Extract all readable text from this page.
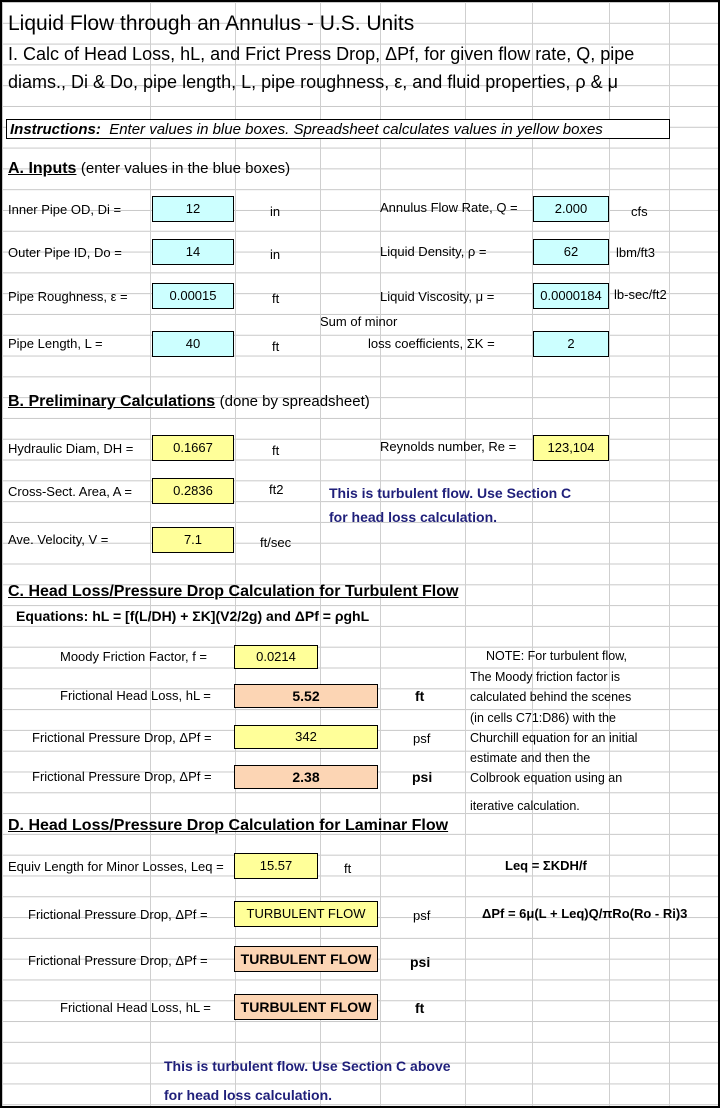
Liquid Flow through an Annulus - U.S. Units
I. Calc of Head Loss, hL, and Frict Press Drop, ΔPf, for given flow rate, Q, pipe
diams., Di & Do, pipe length, L, pipe roughness, ε, and fluid properties, ρ & μ
Instructions: Enter values in blue boxes. Spreadsheet calculates values in yellow boxes
A. Inputs (enter values in the blue boxes)
Inner Pipe OD, Di =	12	in
Outer Pipe ID, Do =	14	in
Pipe Roughness, ε =	0.00015	ft
Pipe Length, L =	40	ft
Annulus Flow Rate, Q =	2.000	cfs
Liquid Density, ρ =	62	lbm/ft3
Liquid Viscosity, μ =	0.0000184 lb-sec/ft2
Sum of minor
loss coefficients, ΣK =	2
B. Preliminary Calculations (done by spreadsheet)
Hydraulic Diam, DH =	0.1667	ft	Reynolds number, Re =	123,104
Cross-Sect. Area, A =	0.2836	ft2	This is turbulent flow. Use Section C
for head loss calculation.
Ave. Velocity, V =	7.1	ft/sec
C. Head Loss/Pressure Drop Calculation for Turbulent Flow
Equations: hL = [f(L/DH) + ΣK](V2/2g) and ΔPf = ρghL
Moody Friction Factor, f =	0.0214
Frictional Head Loss, hL =	5.52	ft
Frictional Pressure Drop, ΔPf =	342	psf
Frictional Pressure Drop, ΔPf =	2.38	psi
NOTE: For turbulent flow,
The Moody friction factor is
calculated behind the scenes
(in cells C71:D86) with the
Churchill equation for an initial
estimate and then the
Colbrook equation using an
iterative calculation.
D. Head Loss/Pressure Drop Calculation for Laminar Flow
Equiv Length for Minor Losses, Leq =	15.57	ft	Leq = ΣKDH/f
Frictional Pressure Drop, ΔPf =	TURBULENT FLOW	psf	ΔPf = 6μ(L + Leq)Q/πRo(Ro - Ri)3
Frictional Pressure Drop, ΔPf =	TURBULENT FLOW	psi
Frictional Head Loss, hL =	TURBULENT FLOW	ft
This is turbulent flow. Use Section C above
for head loss calculation.
